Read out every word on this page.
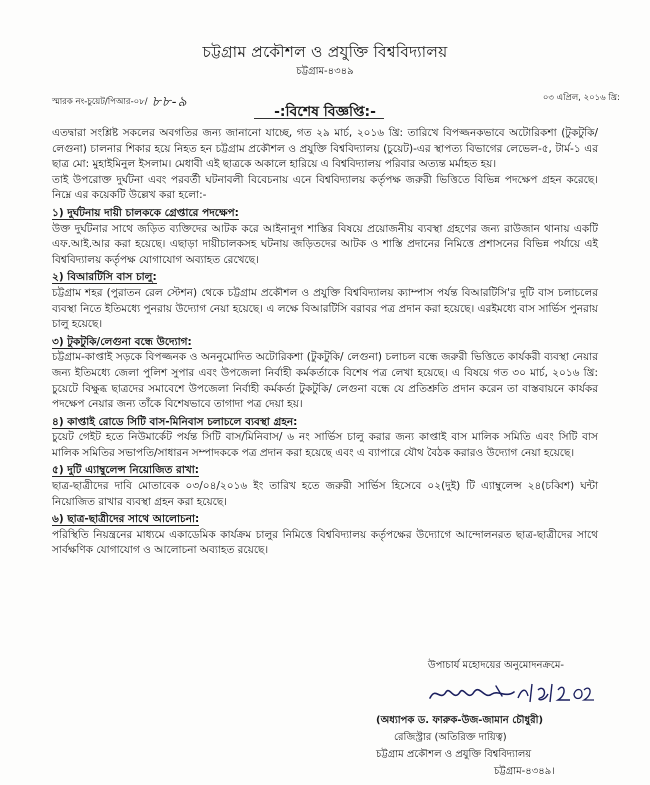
চট্টগ্রাম প্রকৌশল ও প্রযুক্তি বিশ্ববিদ্যালয়
চট্টগ্রাম-৪৩৪৯
স্মারক নং-চুয়েট/পিআর-০৮/ ৮৮-৯	০৩ এপ্রিল, ২০১৬ খ্রি:
-:বিশেষ বিজ্ঞপ্তি:-

এতদ্বারা সংশ্লিষ্ট সকলের অবগতির জন্য জানানো যাচ্ছে, গত ২৯ মার্চ, ২০১৬ খ্রি: তারিখে বিপজ্জনকভাবে অটোরিকশা (টুকটুকি/লেগুনা) চালনার শিকার হয়ে নিহত হন চট্টগ্রাম প্রকৌশল ও প্রযুক্তি বিশ্ববিদ্যালয় (চুয়েট)-এর স্থাপত্য বিভাগের লেভেল-৫, টার্ম-১ এর ছাত্র মো: মুহাইমিনুল ইসলাম। মেধাবী এই ছাত্রকে অকালে হারিয়ে এ বিশ্ববিদ্যালয় পরিবার অত্যন্ত মর্মাহত হয়।

তাই উপরোক্ত দুর্ঘটনা এবং পরবর্তী ঘটনাবলী বিবেচনায় এনে বিশ্ববিদ্যালয় কর্তৃপক্ষ জরুরী ভিত্তিতে বিভিন্ন পদক্ষেপ গ্রহন করেছে। নিম্নে এর কয়েকটি উল্লেখ করা হলো:-

১) দুর্ঘটনায় দায়ী চালককে গ্রেপ্তারে পদক্ষেপ:

উক্ত দুর্ঘটনার সাথে জড়িত ব্যক্তিদের আটক করে আইনানুগ শাস্তির বিষয়ে প্রয়োজনীয় ব্যবস্থা গ্রহণের জন্য রাউজান থানায় একটি এফ.আই.আর করা হয়েছে। এছাড়া দায়ীচালকসহ ঘটনায় জড়িতদের আটক ও শাস্তি প্রদানের নিমিত্তে প্রশাসনের বিভিন্ন পর্যায়ে এই বিশ্ববিদ্যালয় কর্তৃপক্ষ যোগাযোগ অব্যাহত রেখেছে।

২) বিআরটিসি বাস চালু:

চট্টগ্রাম শহর (পুরাতন রেল স্টেশন) থেকে চট্টগ্রাম প্রকৌশল ও প্রযুক্তি বিশ্ববিদ্যালয় ক্যাম্পাস পর্যন্ত বিআরটিসি'র দুটি বাস চলাচলের ব্যবস্থা নিতে ইতিমধ্যে পুনরায় উদ্যোগ নেয়া হয়েছে। এ লক্ষে বিআরটিসি বরাবর পত্র প্রদান করা হয়েছে। এরইমধ্যে বাস সার্ভিস পুনরায় চালু হয়েছে।

৩) টুকটুকি/লেগুনা বন্ধে উদ্যোগ:

চট্টগ্রাম-কাপ্তাই সড়কে বিপজ্জনক ও অননুমোদিত অটোরিকশা (টুকটুকি/ লেগুনা) চলাচল বন্ধে জরুরী ভিত্তিতে কার্যকরী ব্যবস্থা নেয়ার জন্য ইতিমধ্যে জেলা পুলিশ সুপার এবং উপজেলা নির্বাহী কর্মকর্তাকে বিশেষ পত্র লেখা হয়েছে। এ বিষয়ে গত ৩০ মার্চ, ২০১৬ খ্রি: চুয়েটে বিক্ষুব্ধ ছাত্রদের সমাবেশে উপজেলা নির্বাহী কর্মকর্তা টুকটুকি/ লেগুনা বন্ধে যে প্রতিশ্রুতি প্রদান করেন তা বাস্তবায়নে কার্যকর পদক্ষেপ নেয়ার জন্য তাঁকে বিশেষভাবে তাগাদা পত্র দেয়া হয়।

৪) কাপ্তাই রোডে সিটি বাস-মিনিবাস চলাচলে ব্যবস্থা গ্রহন:

চুয়েট গেইট হতে নিউমার্কেট পর্যন্ত সিটি বাস/মিনিবাস/ ৬ নং সার্ভিস চালু করার জন্য কাপ্তাই বাস মালিক সমিতি এবং সিটি বাস মালিক সমিতির সভাপতি/সাধারন সম্পাদককে পত্র প্রদান করা হয়েছে এবং এ ব্যাপারে যৌথ বৈঠক করারও উদ্যোগ নেয়া হয়েছে।

৫) দুটি এ্যাম্বুলেন্স নিয়োজিত রাখা:

ছাত্র-ছাত্রীদের দাবি মোতাবেক ০৩/০৪/২০১৬ ইং তারিখ হতে জরুরী সার্ভিস হিসেবে ০২(দুই) টি এ্যাম্বুলেন্স ২৪(চব্বিশ) ঘন্টা নিয়োজিত রাখার ব্যবস্থা গ্রহন করা হয়েছে।

৬) ছাত্র-ছাত্রীদের সাথে আলোচনা:

পরিস্থিতি নিয়ন্ত্রনের মাধ্যমে একাডেমিক কার্যক্রম চালুর নিমিত্তে বিশ্ববিদ্যালয় কর্তৃপক্ষের উদ্যোগে আন্দোলনরত ছাত্র-ছাত্রীদের সাথে সার্বক্ষণিক যোগাযোগ ও আলোচনা অব্যাহত রয়েছে।

উপাচার্য মহোদয়ের অনুমোদনক্রমে-
(অধ্যাপক ড. ফারুক-উজ-জামান চৌধুরী)
রেজিস্ট্রার (অতিরিক্ত দায়িত্ব)
চট্টগ্রাম প্রকৌশল ও প্রযুক্তি বিশ্ববিদ্যালয়
চট্টগ্রাম-৪৩৪৯।
